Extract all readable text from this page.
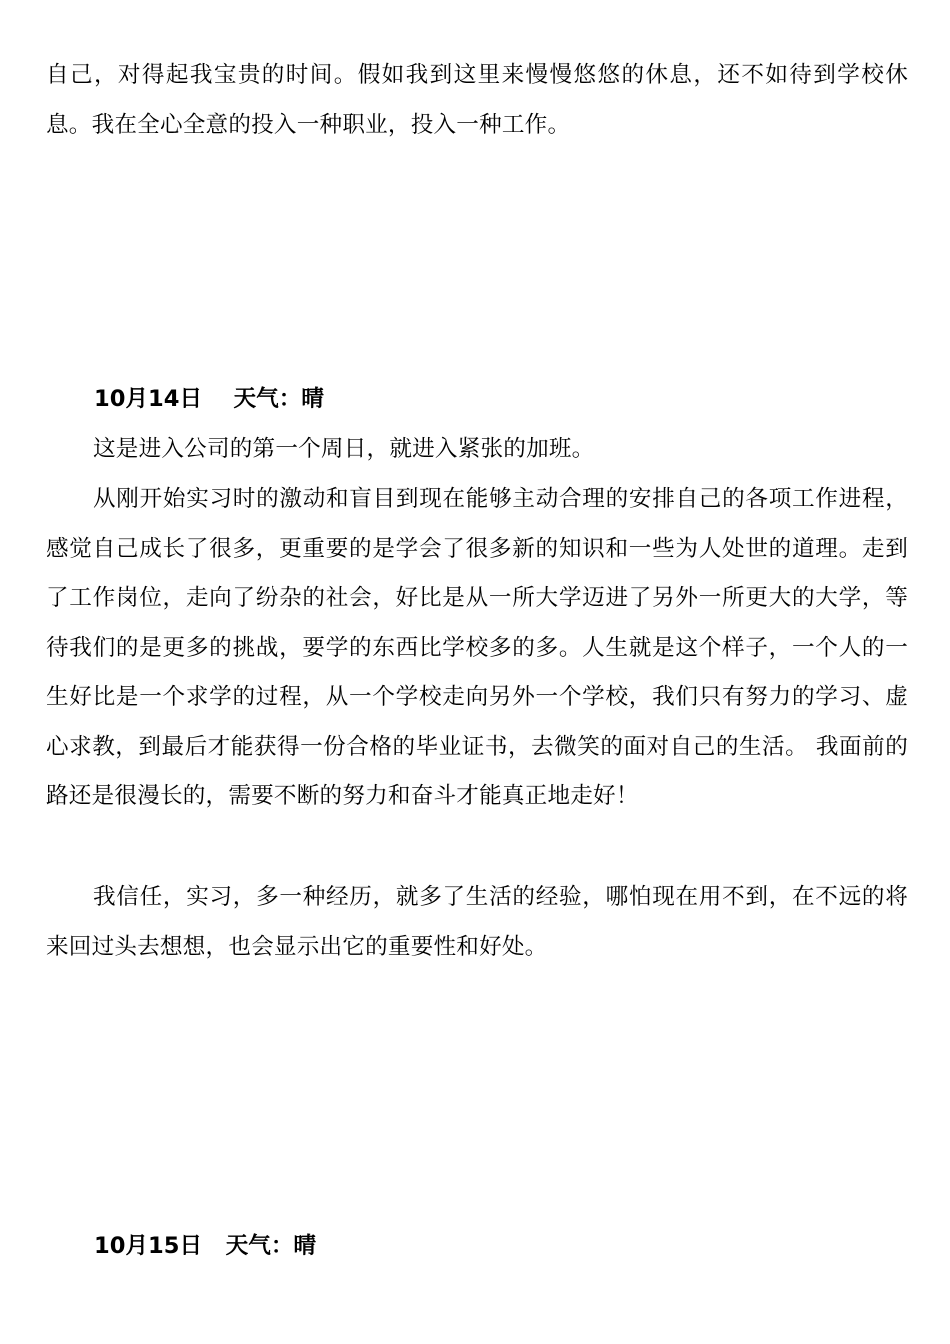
自己，对得起我宝贵的时间。假如我到这里来慢慢悠悠的休息，还不如待到学校休息。我在全心全意的投入一种职业，投入一种工作。

10月14日    天气：晴

这是进入公司的第一个周日，就进入紧张的加班。

从刚开始实习时的激动和盲目到现在能够主动合理的安排自己的各项工作进程，感觉自己成长了很多，更重要的是学会了很多新的知识和一些为人处世的道理。走到了工作岗位，走向了纷杂的社会，好比是从一所大学迈进了另外一所更大的大学，等待我们的是更多的挑战，要学的东西比学校多的多。人生就是这个样子，一个人的一生好比是一个求学的过程，从一个学校走向另外一个学校，我们只有努力的学习、虚心求教，到最后才能获得一份合格的毕业证书，去微笑的面对自己的生活。 我面前的路还是很漫长的，需要不断的努力和奋斗才能真正地走好！

我信任，实习，多一种经历，就多了生活的经验，哪怕现在用不到，在不远的将来回过头去想想，也会显示出它的重要性和好处。

10月15日   天气：晴
